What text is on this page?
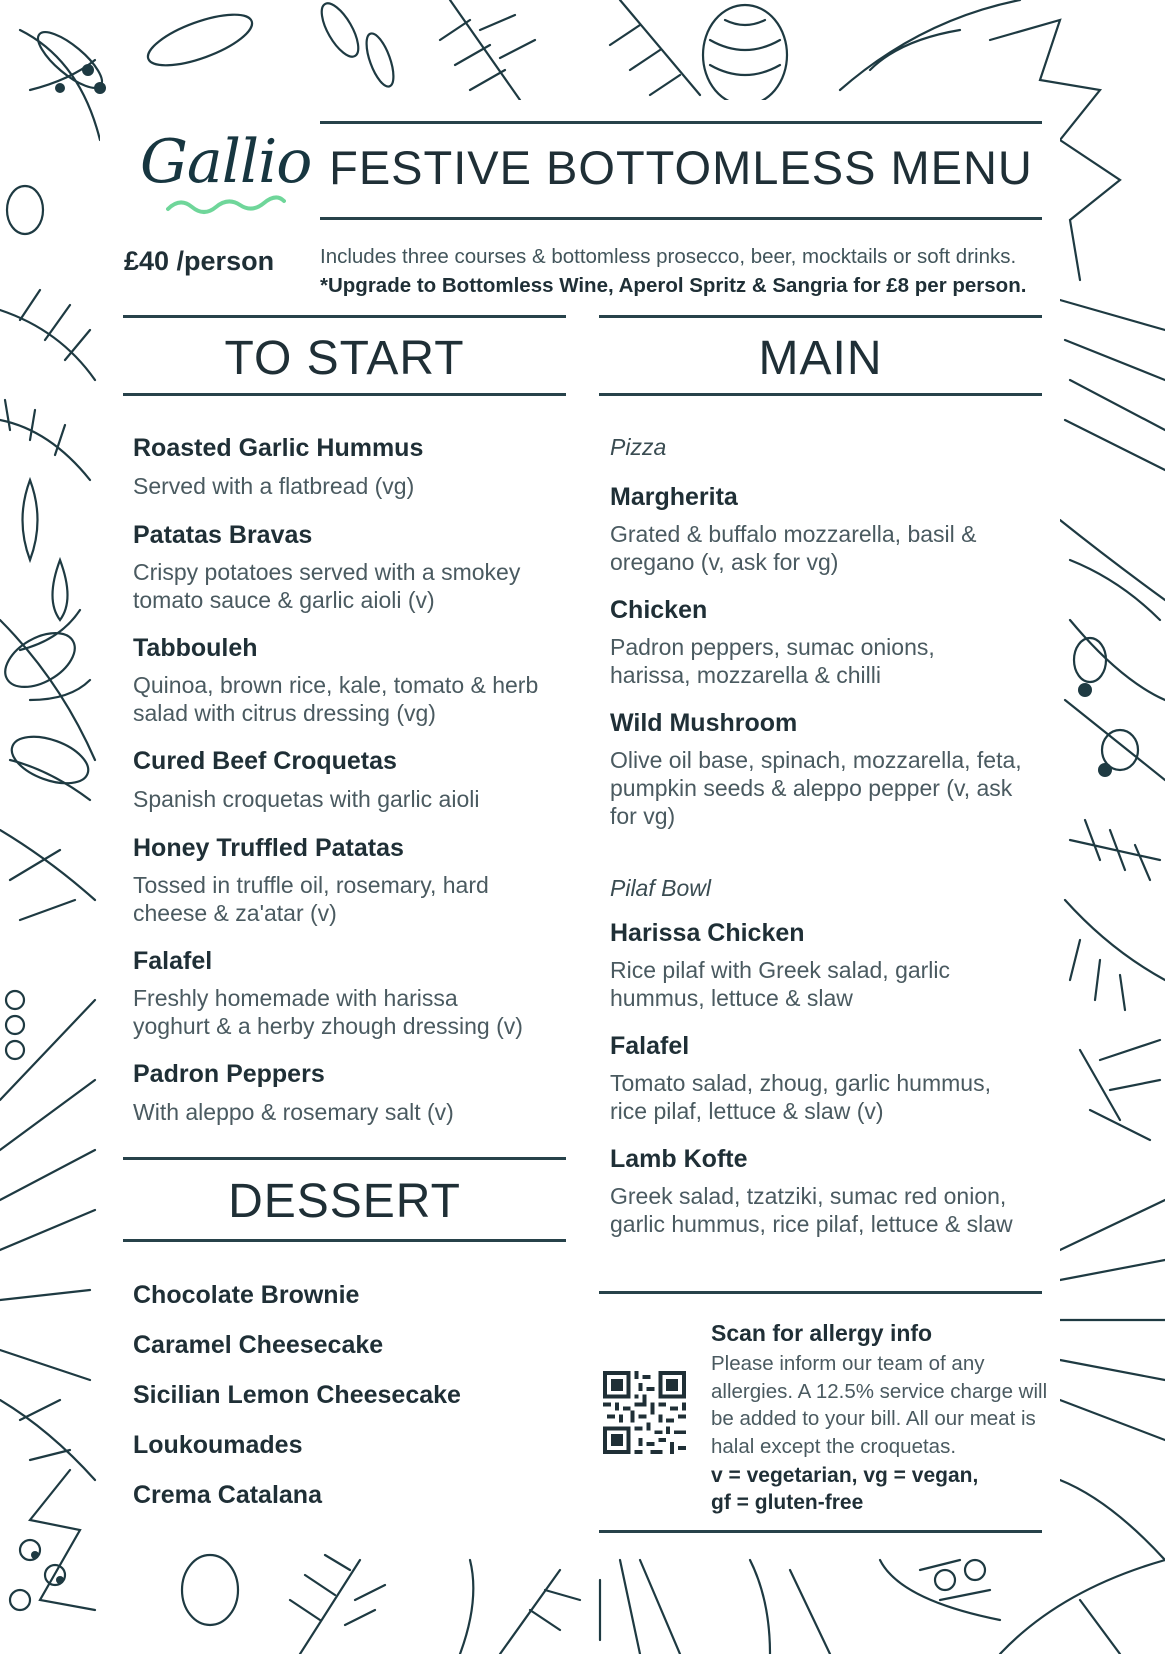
Gallio FESTIVE BOTTOMLESS MENU
£40 /person Includes three courses & bottomless prosecco, beer, mocktails or soft drinks.
*Upgrade to Bottomless Wine, Aperol Spritz & Sangria for £8 per person.
TO START
Roasted Garlic Hummus
Served with a flatbread (vg)
Patatas Bravas
Crispy potatoes served with a smokey tomato sauce & garlic aioli (v)
Tabbouleh
Quinoa, brown rice, kale, tomato & herb salad with citrus dressing (vg)
Cured Beef Croquetas
Spanish croquetas with garlic aioli
Honey Truffled Patatas
Tossed in truffle oil, rosemary, hard cheese & za'atar (v)
Falafel
Freshly homemade with harissa yoghurt & a herby zhough dressing (v)
Padron Peppers
With aleppo & rosemary salt (v)
DESSERT
Chocolate Brownie
Caramel Cheesecake
Sicilian Lemon Cheesecake
Loukoumades
Crema Catalana
MAIN
Pizza
Margherita
Grated & buffalo mozzarella, basil & oregano (v, ask for vg)
Chicken
Padron peppers, sumac onions, harissa, mozzarella & chilli
Wild Mushroom
Olive oil base, spinach, mozzarella, feta, pumpkin seeds & aleppo pepper (v, ask for vg)
Pilaf Bowl
Harissa Chicken
Rice pilaf with Greek salad, garlic hummus, lettuce & slaw
Falafel
Tomato salad, zhoug, garlic hummus, rice pilaf, lettuce & slaw (v)
Lamb Kofte
Greek salad, tzatziki, sumac red onion, garlic hummus, rice pilaf, lettuce & slaw
Scan for allergy info
Please inform our team of any allergies. A 12.5% service charge will be added to your bill. All our meat is halal except the croquetas.
v = vegetarian, vg = vegan,
gf = gluten-free
